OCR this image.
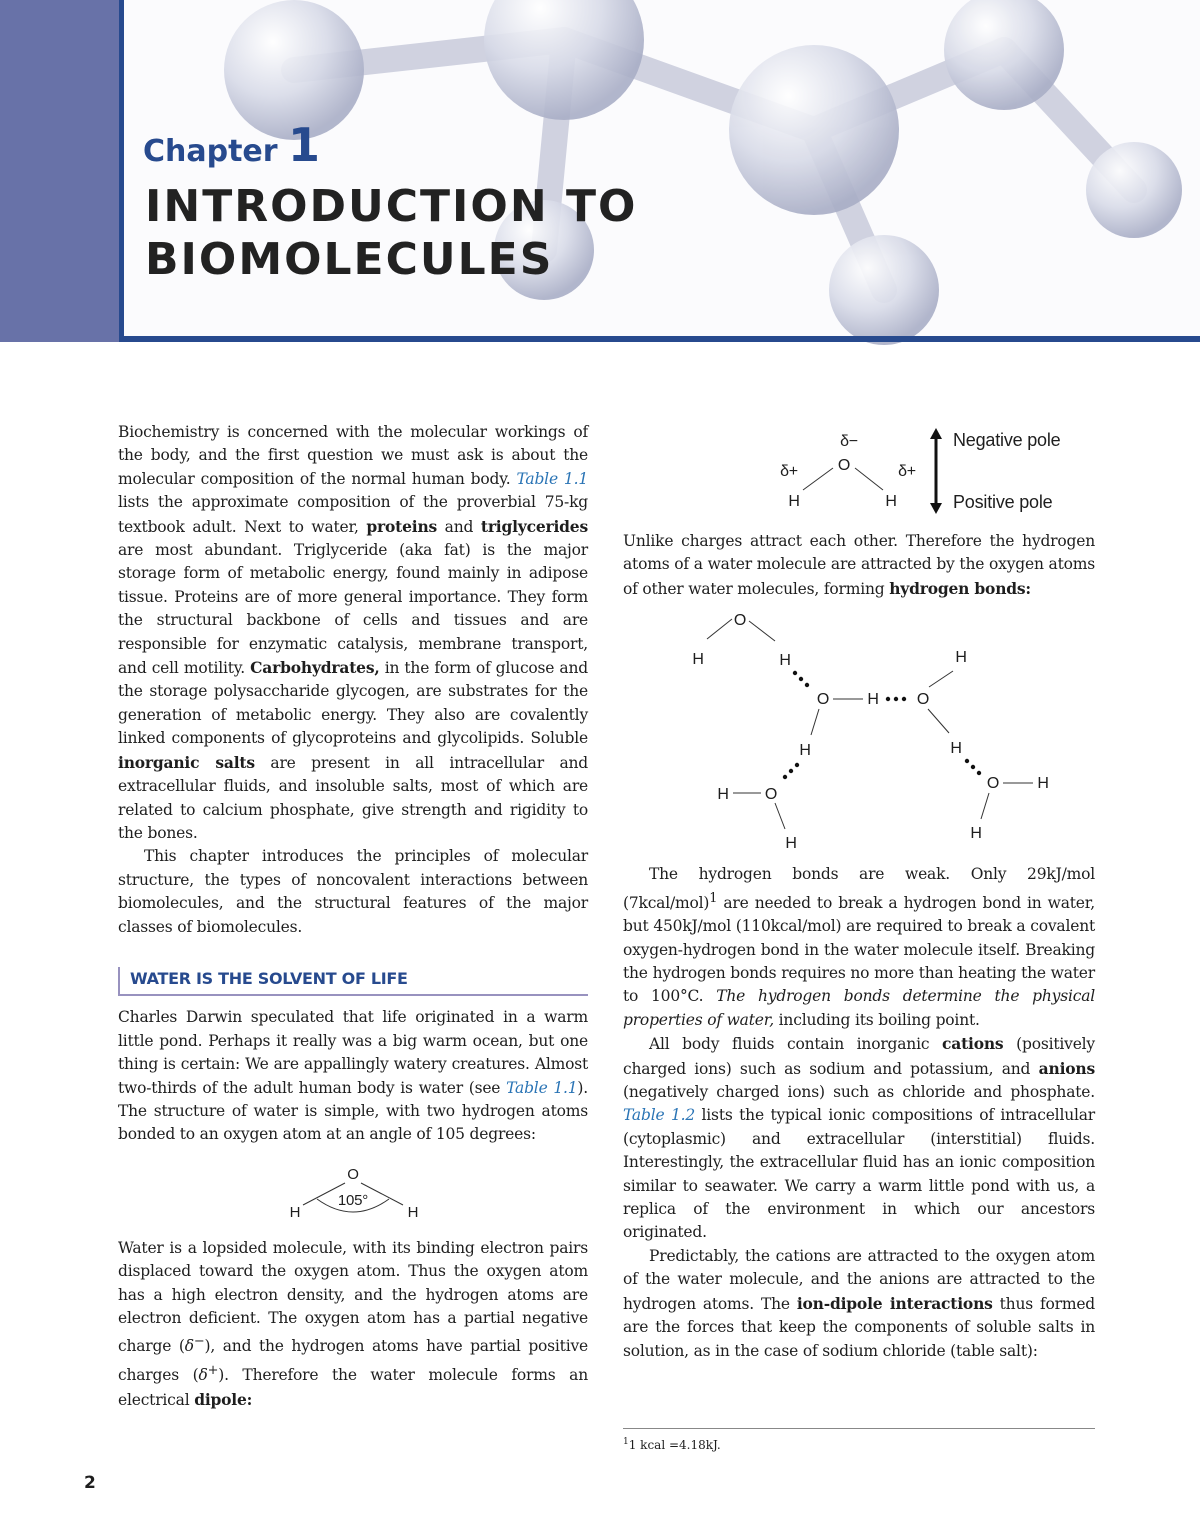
Chapter 1
INTRODUCTION TO
BIOMOLECULES

Biochemistry is concerned with the molecular workings of the body, and the first question we must ask is about the molecular composition of the normal human body. Table 1.1 lists the approximate composition of the proverbial 75-kg textbook adult. Next to water, proteins and triglycerides are most abundant. Triglyceride (aka fat) is the major storage form of metabolic energy, found mainly in adipose tissue. Proteins are of more general importance. They form the structural backbone of cells and tissues and are responsible for enzymatic catalysis, membrane transport, and cell motility. Carbohydrates, in the form of glucose and the storage polysaccharide glycogen, are substrates for the generation of metabolic energy. They also are covalently linked components of glycoproteins and glycolipids. Soluble inorganic salts are present in all intracellular and extracellular fluids, and insoluble salts, most of which are related to calcium phosphate, give strength and rigidity to the bones.

This chapter introduces the principles of molecular structure, the types of noncovalent interactions between biomolecules, and the structural features of the major classes of biomolecules.

WATER IS THE SOLVENT OF LIFE

Charles Darwin speculated that life originated in a warm little pond. Perhaps it really was a big warm ocean, but one thing is certain: We are appallingly watery creatures. Almost two-thirds of the adult human body is water (see Table 1.1). The structure of water is simple, with two hydrogen atoms bonded to an oxygen atom at an angle of 105 degrees:

O
H	H
105°

Water is a lopsided molecule, with its binding electron pairs displaced toward the oxygen atom. Thus the oxygen atom has a high electron density, and the hydrogen atoms are electron deficient. The oxygen atom has a partial negative charge (δ−), and the hydrogen atoms have partial positive charges (δ+). Therefore the water molecule forms an electrical dipole:

δ−
δ+	δ+
O
H	H
Negative pole
Positive pole

Unlike charges attract each other. Therefore the hydrogen atoms of a water molecule are attracted by the oxygen atoms of other water molecules, forming hydrogen bonds:

O
H	H
O H O
H
H	H
O
H
H
O H
H

The hydrogen bonds are weak. Only 29kJ/mol (7kcal/mol)$^1$ are needed to break a hydrogen bond in water, but 450kJ/mol (110kcal/mol) are required to break a covalent oxygen-hydrogen bond in the water molecule itself. Breaking the hydrogen bonds requires no more than heating the water to 100°C. The hydrogen bonds determine the physical properties of water, including its boiling point.

All body fluids contain inorganic cations (positively charged ions) such as sodium and potassium, and anions (negatively charged ions) such as chloride and phosphate. Table 1.2 lists the typical ionic compositions of intracellular (cytoplasmic) and extracellular (interstitial) fluids. Interestingly, the extracellular fluid has an ionic composition similar to seawater. We carry a warm little pond with us, a replica of the environment in which our ancestors originated.

Predictably, the cations are attracted to the oxygen atom of the water molecule, and the anions are attracted to the hydrogen atoms. The ion-dipole interactions thus formed are the forces that keep the components of soluble salts in solution, as in the case of sodium chloride (table salt):

$^1$1 kcal =4.18kJ.
2
